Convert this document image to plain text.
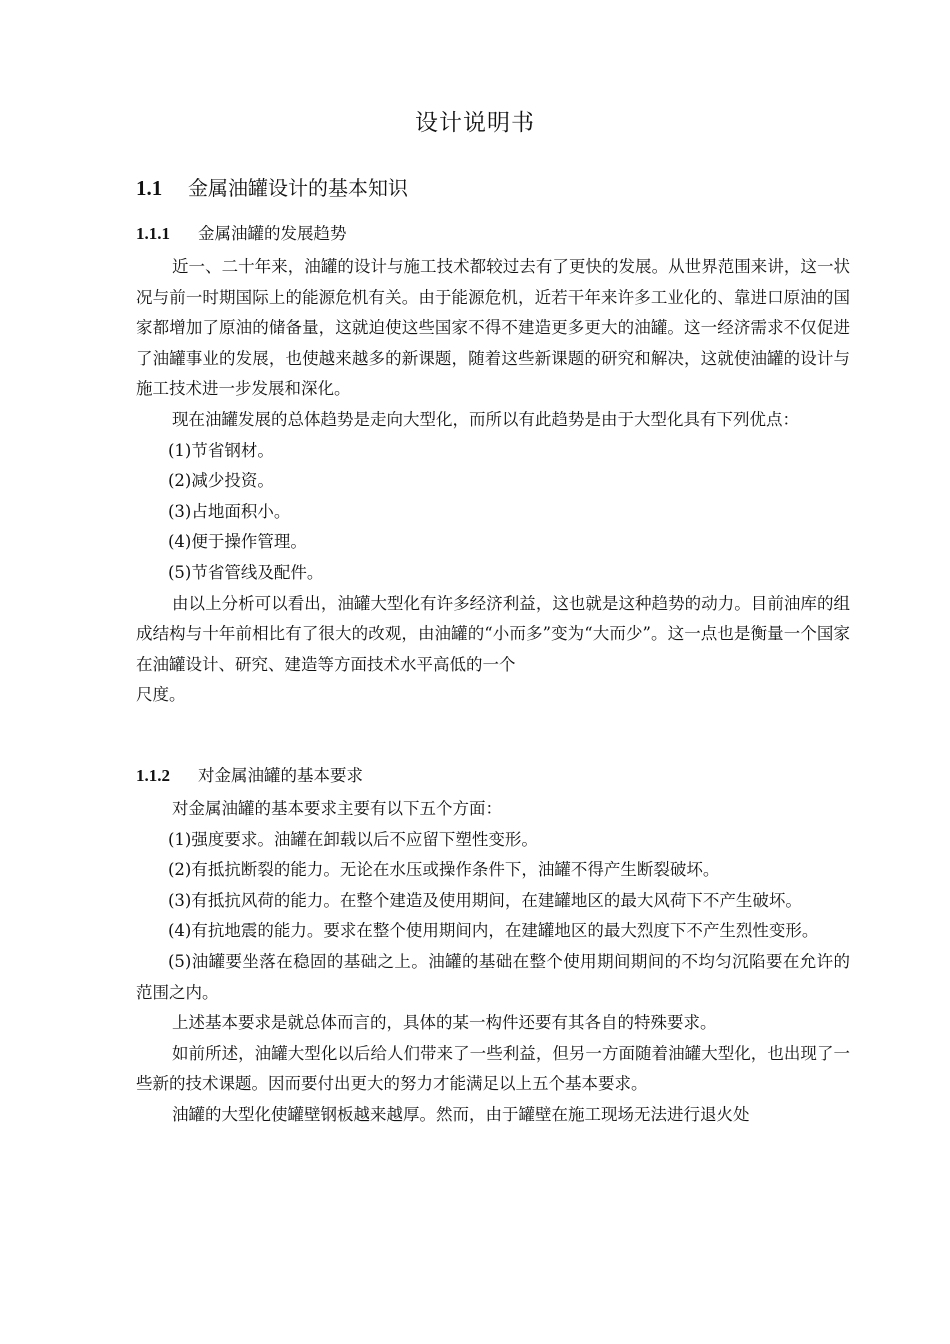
设计说明书
1.1 金属油罐设计的基本知识
1.1.1 金属油罐的发展趋势

近一、二十年来，油罐的设计与施工技术都较过去有了更快的发展。从世界范围来讲，这一状况与前一时期国际上的能源危机有关。由于能源危机，近若干年来许多工业化的、靠进口原油的国家都增加了原油的储备量，这就迫使这些国家不得不建造更多更大的油罐。这一经济需求不仅促进了油罐事业的发展，也使越来越多的新课题，随着这些新课题的研究和解决，这就使油罐的设计与施工技术进一步发展和深化。

现在油罐发展的总体趋势是走向大型化，而所以有此趋势是由于大型化具有下列优点：

(1)节省钢材。

(2)减少投资。

(3)占地面积小。

(4)便于操作管理。

(5)节省管线及配件。

由以上分析可以看出，油罐大型化有许多经济利益，这也就是这种趋势的动力。目前油库的组成结构与十年前相比有了很大的改观，由油罐的“小而多”变为“大而少”。这一点也是衡量一个国家在油罐设计、研究、建造等方面技术水平高低的一个

尺度。

1.1.2 对金属油罐的基本要求

对金属油罐的基本要求主要有以下五个方面：

(1)强度要求。油罐在卸载以后不应留下塑性变形。

(2)有抵抗断裂的能力。无论在水压或操作条件下，油罐不得产生断裂破坏。

(3)有抵抗风荷的能力。在整个建造及使用期间，在建罐地区的最大风荷下不产生破坏。

(4)有抗地震的能力。要求在整个使用期间内，在建罐地区的最大烈度下不产生烈性变形。

(5)油罐要坐落在稳固的基础之上。油罐的基础在整个使用期间期间的不均匀沉陷要在允许的范围之内。

上述基本要求是就总体而言的，具体的某一构件还要有其各自的特殊要求。

如前所述，油罐大型化以后给人们带来了一些利益，但另一方面随着油罐大型化，也出现了一些新的技术课题。因而要付出更大的努力才能满足以上五个基本要求。

油罐的大型化使罐壁钢板越来越厚。然而，由于罐壁在施工现场无法进行退火处
